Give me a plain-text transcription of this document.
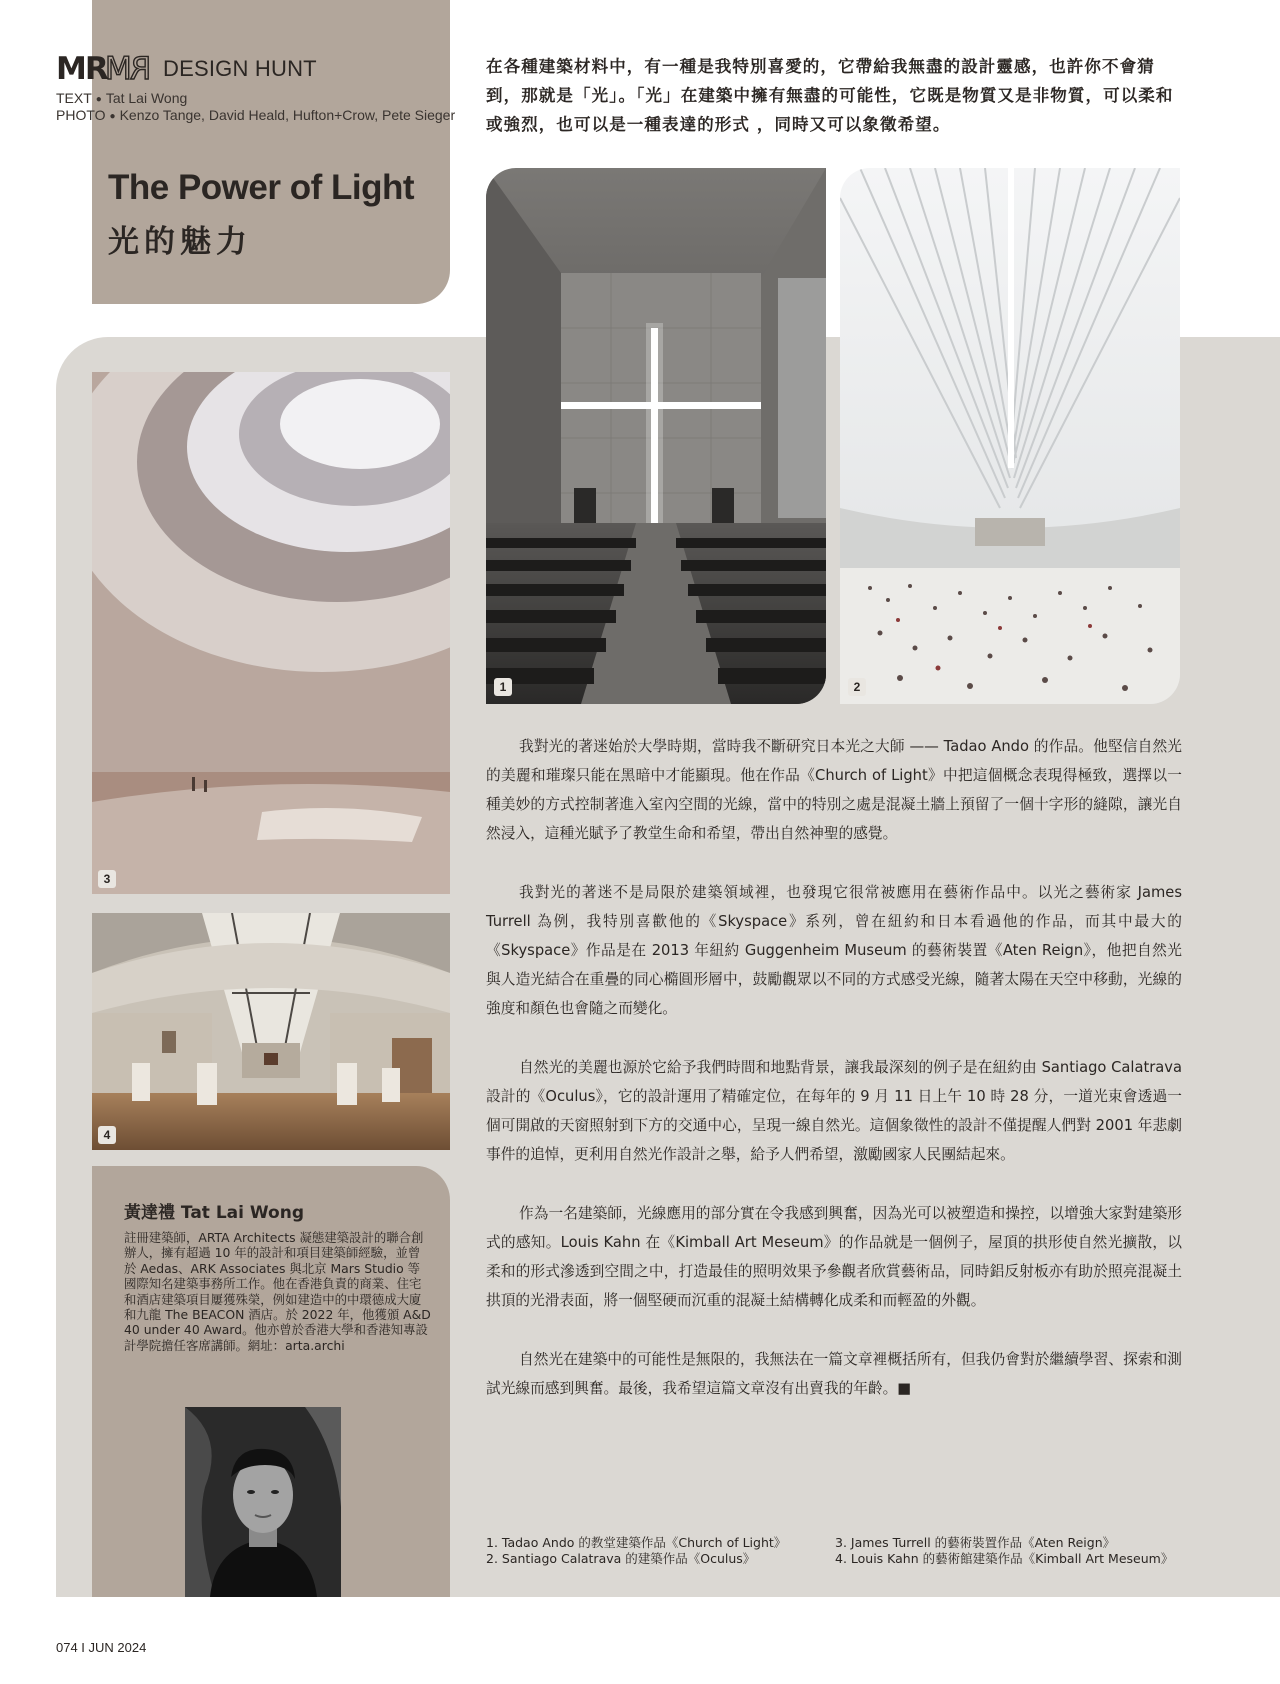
MR RM DESIGN HUNT
TEXT ● Tat Lai Wong
PHOTO ● Kenzo Tange, David Heald, Hufton+Crow, Pete Sieger
The Power of Light
光的魅力
在各種建築材料中，有一種是我特別喜愛的，它帶給我無盡的設計靈感，也許你不會猜到，那就是「光」。「光」在建築中擁有無盡的可能性，它既是物質又是非物質，可以柔和或強烈，也可以是一種表達的形式 ，同時又可以象徵希望。
1	2
3
4

我對光的著迷始於大學時期，當時我不斷研究日本光之大師 —— Tadao Ando 的作品。他堅信自然光的美麗和璀璨只能在黑暗中才能顯現。他在作品《Church of Light》中把這個概念表現得極致，選擇以一種美妙的方式控制著進入室內空間的光線，當中的特別之處是混凝土牆上預留了一個十字形的縫隙，讓光自然浸入，這種光賦予了教堂生命和希望，帶出自然神聖的感覺。

我對光的著迷不是局限於建築領域裡，也發現它很常被應用在藝術作品中。以光之藝術家 James Turrell 為例，我特別喜歡他的《Skyspace》系列，曾在紐約和日本看過他的作品，而其中最大的《Skyspace》作品是在 2013 年紐約 Guggenheim Museum 的藝術裝置《Aten Reign》，他把自然光與人造光結合在重疊的同心橢圓形層中，鼓勵觀眾以不同的方式感受光線，隨著太陽在天空中移動，光線的強度和顏色也會隨之而變化。

自然光的美麗也源於它給予我們時間和地點背景，讓我最深刻的例子是在紐約由 Santiago Calatrava 設計的《Oculus》，它的設計運用了精確定位，在每年的 9 月 11 日上午 10 時 28 分，一道光束會透過一個可開啟的天窗照射到下方的交通中心，呈現一線自然光。這個象徵性的設計不僅提醒人們對 2001 年悲劇事件的追悼，更利用自然光作設計之舉，給予人們希望，激勵國家人民團結起來。

作為一名建築師，光線應用的部分實在令我感到興奮，因為光可以被塑造和操控，以增強大家對建築形式的感知。Louis Kahn 在《Kimball Art Meseum》的作品就是一個例子，屋頂的拱形使自然光擴散，以柔和的形式滲透到空間之中，打造最佳的照明效果予參觀者欣賞藝術品，同時鋁反射板亦有助於照亮混凝土拱頂的光滑表面，將一個堅硬而沉重的混凝土結構轉化成柔和而輕盈的外觀。

自然光在建築中的可能性是無限的，我無法在一篇文章裡概括所有，但我仍會對於繼續學習、探索和測試光線而感到興奮。最後，我希望這篇文章沒有出賣我的年齡。■

黃達禮 Tat Lai Wong
註冊建築師，ARTA Architects 凝態建築設計的聯合創辦人，擁有超過 10 年的設計和項目建築師經驗，並曾於 Aedas、ARK Associates 與北京 Mars Studio 等國際知名建築事務所工作。他在香港負責的商業、住宅和酒店建築項目屢獲殊榮，例如建造中的中環德成大廈和九龍 The BEACON 酒店。於 2022 年，他獲頒 A&D 40 under 40 Award。他亦曾於香港大學和香港知專設計學院擔任客席講師。網址：arta.archi
1. Tadao Ando 的教堂建築作品《Church of Light》
2. Santiago Calatrava 的建築作品《Oculus》
3. James Turrell 的藝術裝置作品《Aten Reign》
4. Louis Kahn 的藝術館建築作品《Kimball Art Meseum》
074 I JUN 2024
